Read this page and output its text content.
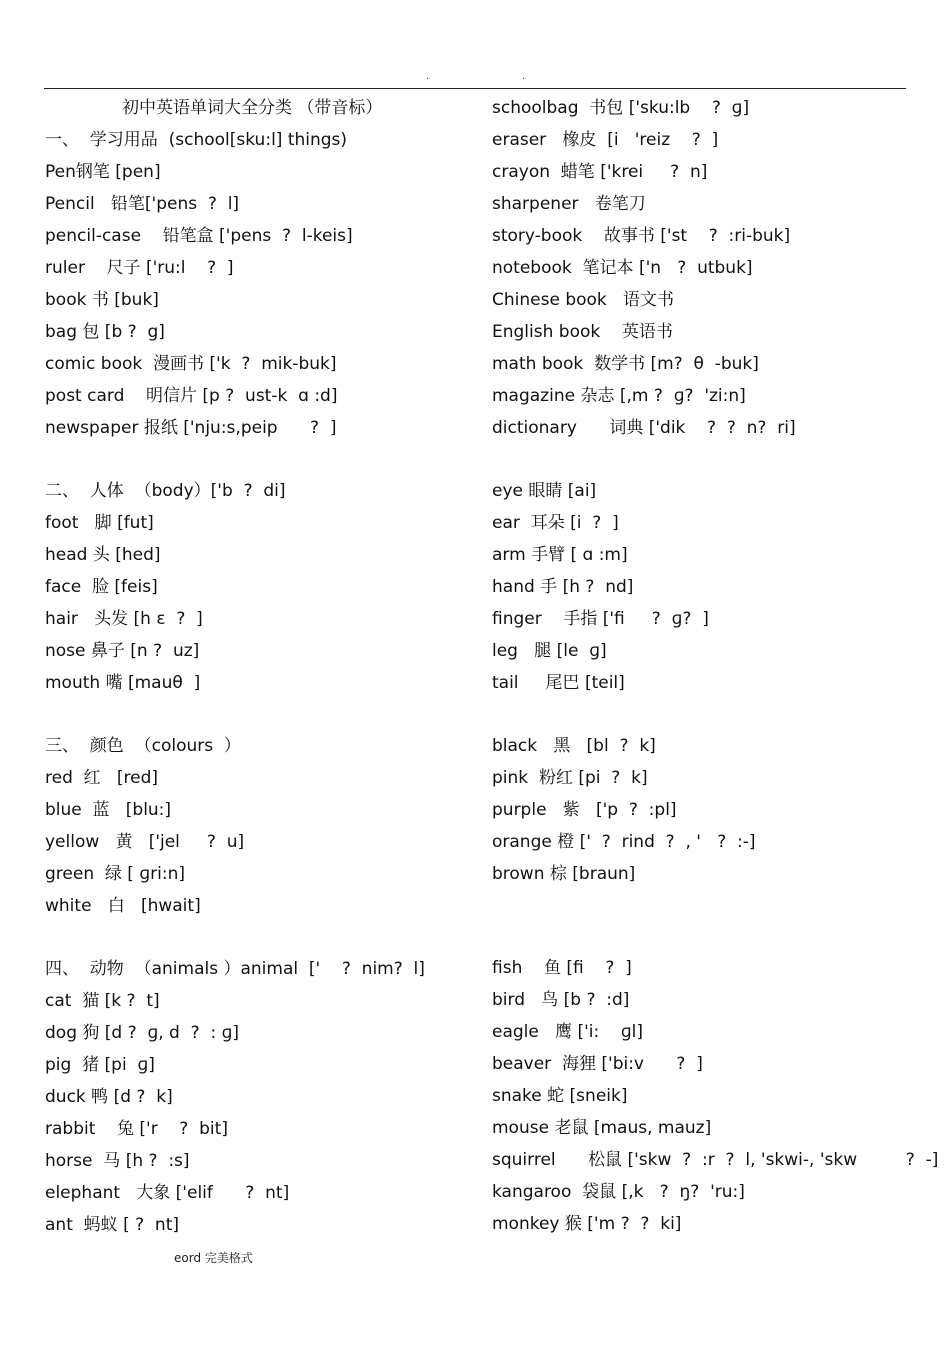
.	.
初中英语单词大全分类 （带音标）
一、  学习用品  (school[sku:l] things)
Pen钢笔 [pen]
Pencil   铅笔['pens  ?  l]
pencil-case    铅笔盒 ['pens  ?  l-keis]
ruler    尺子 ['ru:l    ?  ]
book 书 [buk]
bag 包 [b ?  g]
comic book  漫画书 ['k  ?  mik-buk]
post card    明信片 [p ?  ust-k  ɑ :d]
newspaper 报纸 ['nju:s,peip      ?  ]
二、  人体  （body）['b  ?  di]
foot   脚 [fut]
head 头 [hed]
face  脸 [feis]
hair   头发 [h ε  ?  ]
nose 鼻子 [n ?  uz]
mouth 嘴 [mauθ  ]
三、  颜色  （colours  ）
red  红   [red]
blue  蓝   [blu:]
yellow   黄   ['jel     ?  u]
green  绿 [ ɡri:n]
white   白   [hwait]
四、  动物  （animals ）animal  ['    ?  nim?  l]
cat  猫 [k ?  t]
dog 狗 [d ?  ɡ, d  ?  : ɡ]
pig  猪 [pi  ɡ]
duck 鸭 [d ?  k]
rabbit    兔 ['r    ?  bit]
horse  马 [h ?  :s]
elephant   大象 ['elif      ?  nt]
ant  蚂蚁 [ ?  nt]
schoolbag  书包 ['sku:lb    ?  ɡ]
eraser   橡皮  [i   'reiz    ?  ]
crayon  蜡笔 ['krei     ?  n]
sharpener   卷笔刀
story-book    故事书 ['st    ?  :ri-buk]
notebook  笔记本 ['n   ?  utbuk]
Chinese book   语文书
English book    英语书
math book  数学书 [m?  θ  -buk]
magazine 杂志 [,m ?  ɡ?  'zi:n]
dictionary      词典 ['dik    ?  ?  n?  ri]
eye 眼睛 [ai]
ear  耳朵 [i  ?  ]
arm 手臂 [ ɑ :m]
hand 手 [h ?  nd]
finger    手指 ['fi     ?  ɡ?  ]
leg   腿 [le  ɡ]
tail     尾巴 [teil]
black   黑   [bl  ?  k]
pink  粉红 [pi  ?  k]
purple   紫   ['p  ?  :pl]
orange 橙 ['  ?  rind  ?  , '   ?  :-]
brown 棕 [braun]
fish    鱼 [fi    ?  ]
bird   鸟 [b ?  :d]
eagle   鹰 ['i:    ɡl]
beaver  海狸 ['bi:v      ?  ]
snake 蛇 [sneik]
mouse 老鼠 [maus, mauz]
squirrel      松鼠 ['skw  ?  :r  ?  l, 'skwi-, 'skw         ?  -]
kangaroo  袋鼠 [,k   ?  ŋ?  'ru:]
monkey 猴 ['m ?  ?  ki]
eord 完美格式
